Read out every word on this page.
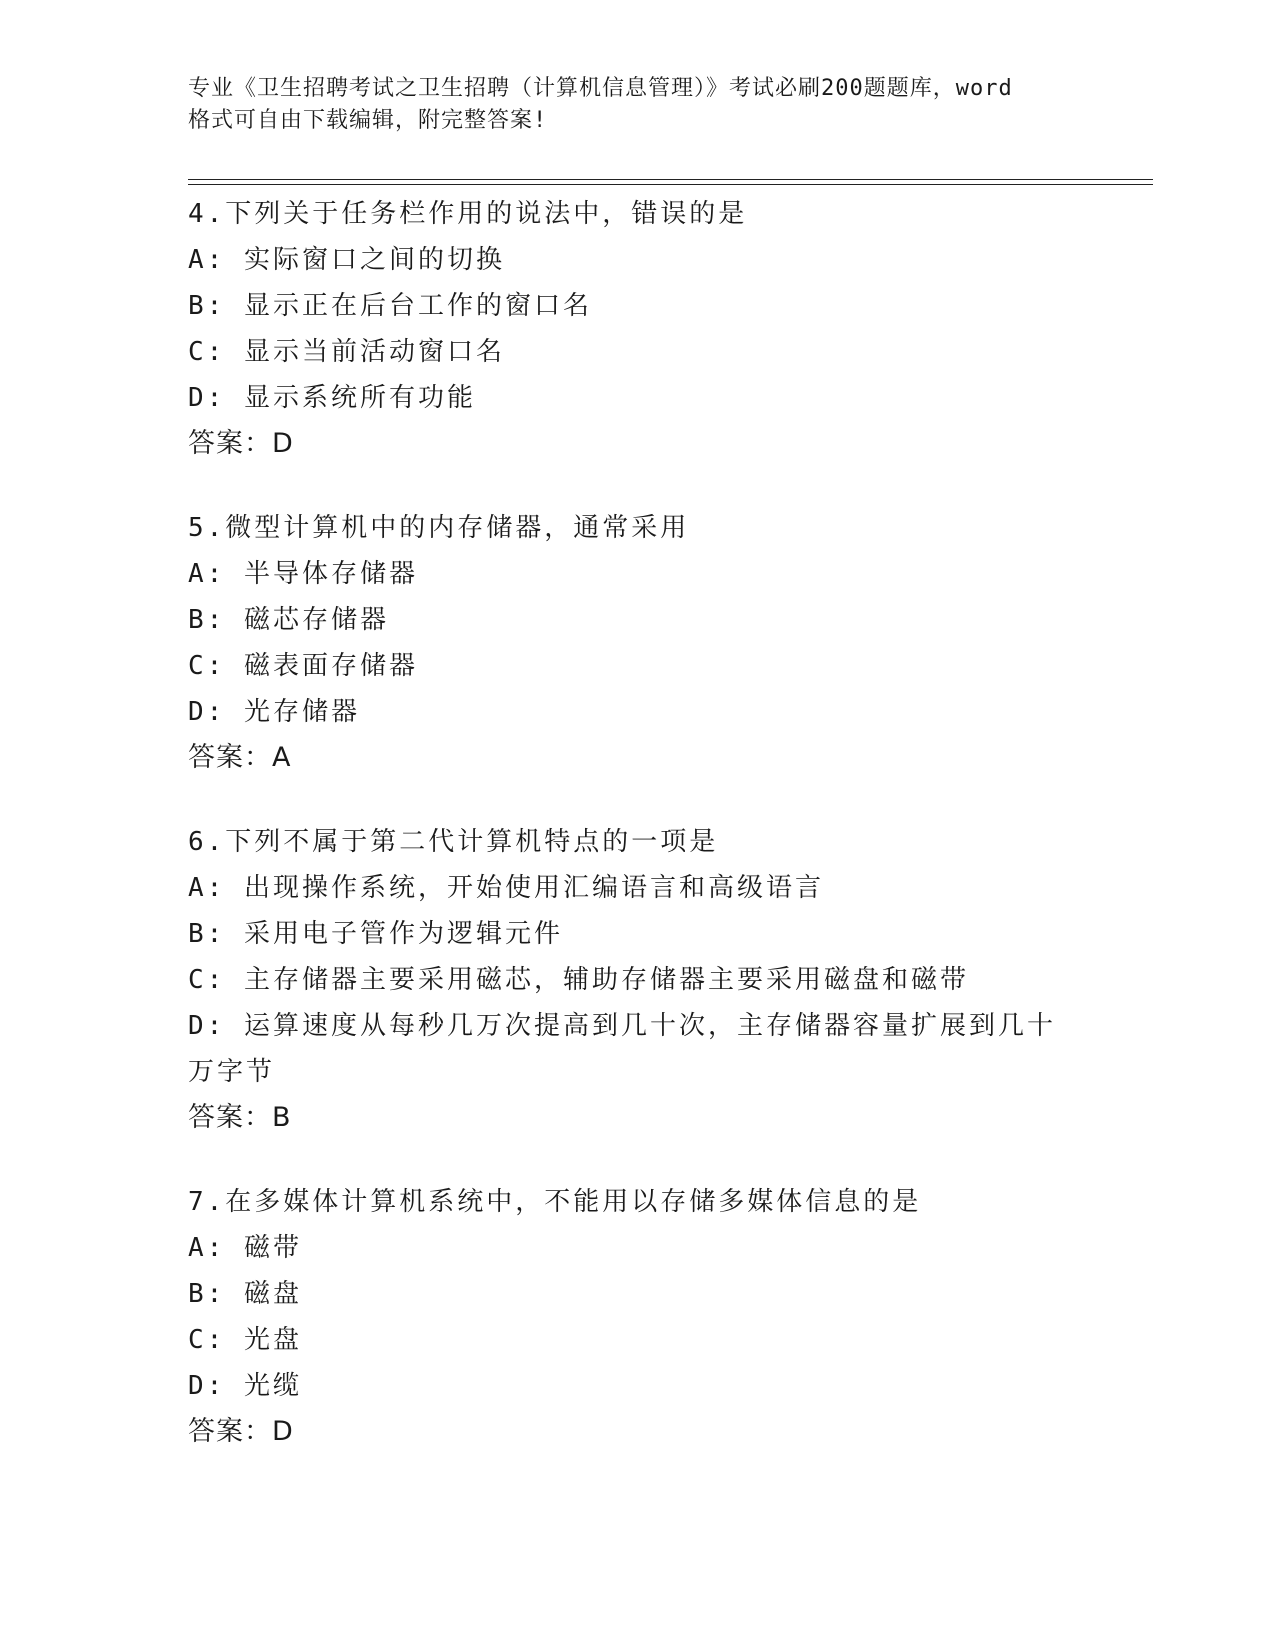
专业《卫生招聘考试之卫生招聘（计算机信息管理）》考试必刷200题题库，word
格式可自由下载编辑，附完整答案!
4.下列关于任务栏作用的说法中，错误的是
A: 实际窗口之间的切换
B: 显示正在后台工作的窗口名
C: 显示当前活动窗口名
D: 显示系统所有功能
答案：D
5.微型计算机中的内存储器，通常采用
A: 半导体存储器
B: 磁芯存储器
C: 磁表面存储器
D: 光存储器
答案：A
6.下列不属于第二代计算机特点的一项是
A: 出现操作系统，开始使用汇编语言和高级语言
B: 采用电子管作为逻辑元件
C: 主存储器主要采用磁芯，辅助存储器主要采用磁盘和磁带
D: 运算速度从每秒几万次提高到几十次，主存储器容量扩展到几十万字节
答案：B
7.在多媒体计算机系统中，不能用以存储多媒体信息的是
A: 磁带
B: 磁盘
C: 光盘
D: 光缆
答案：D
